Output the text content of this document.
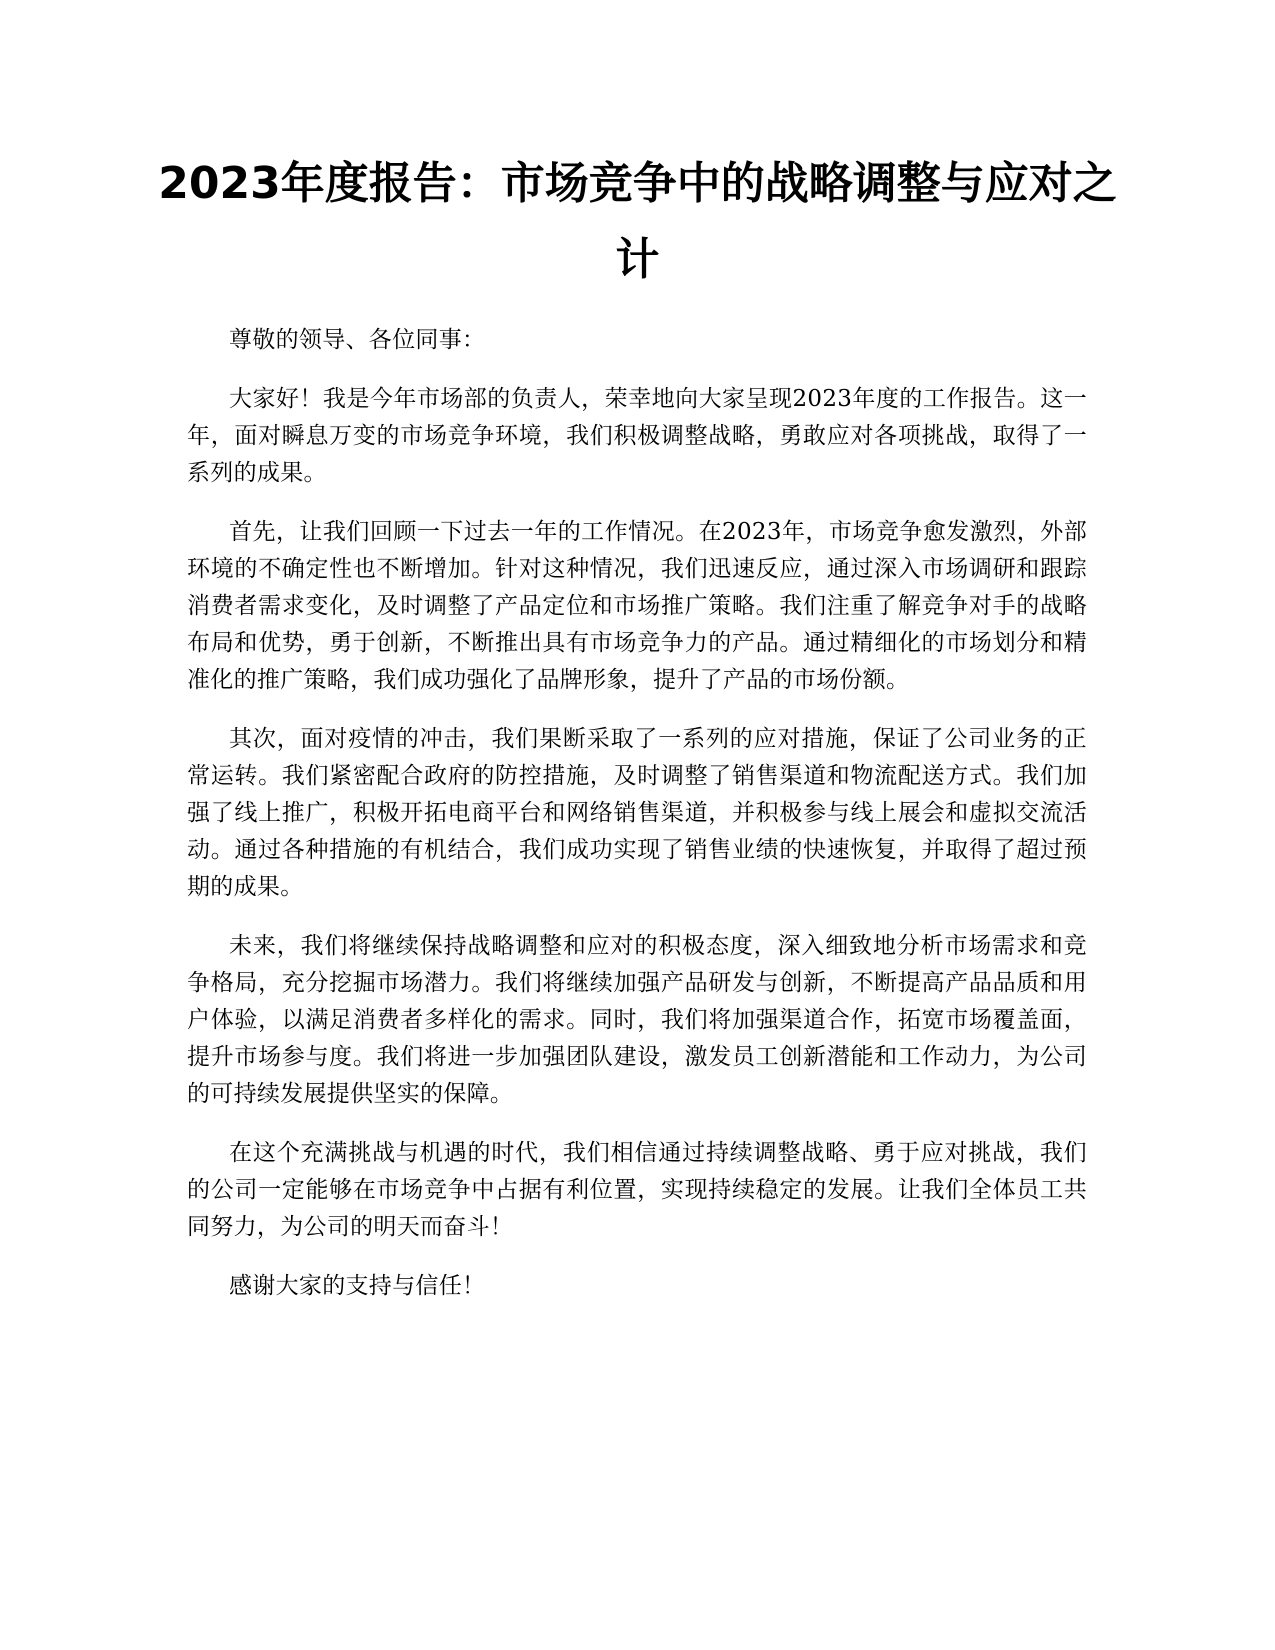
2023年度报告：市场竞争中的战略调整与应对之计

尊敬的领导、各位同事：

大家好！我是今年市场部的负责人，荣幸地向大家呈现2023年度的工作报告。这一年，面对瞬息万变的市场竞争环境，我们积极调整战略，勇敢应对各项挑战，取得了一系列的成果。

首先，让我们回顾一下过去一年的工作情况。在2023年，市场竞争愈发激烈，外部环境的不确定性也不断增加。针对这种情况，我们迅速反应，通过深入市场调研和跟踪消费者需求变化，及时调整了产品定位和市场推广策略。我们注重了解竞争对手的战略布局和优势，勇于创新，不断推出具有市场竞争力的产品。通过精细化的市场划分和精准化的推广策略，我们成功强化了品牌形象，提升了产品的市场份额。

其次，面对疫情的冲击，我们果断采取了一系列的应对措施，保证了公司业务的正常运转。我们紧密配合政府的防控措施，及时调整了销售渠道和物流配送方式。我们加强了线上推广，积极开拓电商平台和网络销售渠道，并积极参与线上展会和虚拟交流活动。通过各种措施的有机结合，我们成功实现了销售业绩的快速恢复，并取得了超过预期的成果。

未来，我们将继续保持战略调整和应对的积极态度，深入细致地分析市场需求和竞争格局，充分挖掘市场潜力。我们将继续加强产品研发与创新，不断提高产品品质和用户体验，以满足消费者多样化的需求。同时，我们将加强渠道合作，拓宽市场覆盖面，提升市场参与度。我们将进一步加强团队建设，激发员工创新潜能和工作动力，为公司的可持续发展提供坚实的保障。

在这个充满挑战与机遇的时代，我们相信通过持续调整战略、勇于应对挑战，我们的公司一定能够在市场竞争中占据有利位置，实现持续稳定的发展。让我们全体员工共同努力，为公司的明天而奋斗！

感谢大家的支持与信任！
